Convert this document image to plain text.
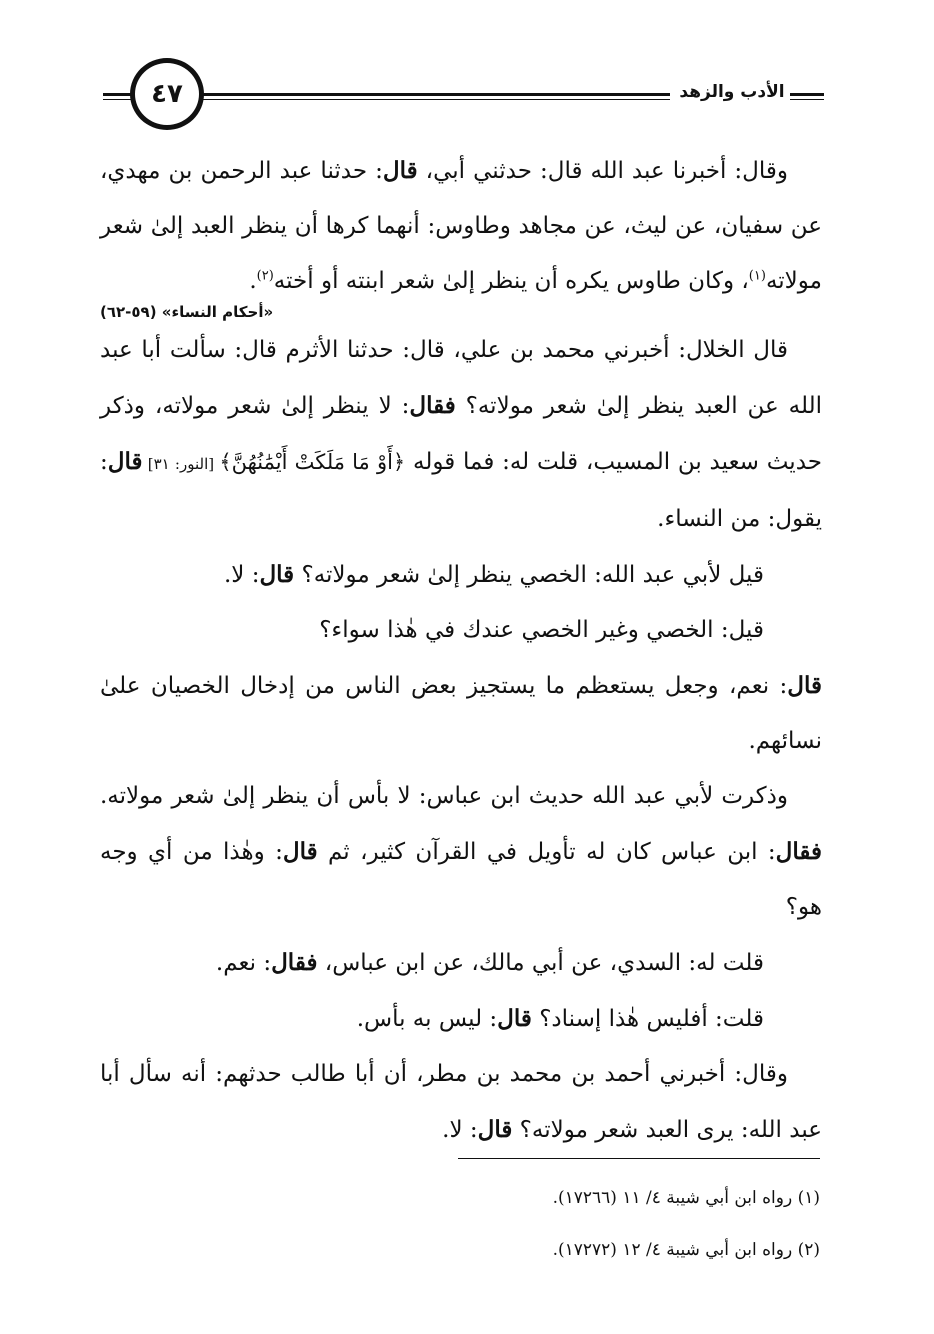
٤٧	الأدب والزهد

وقال: أخبرنا عبد الله قال: حدثني أبي، قال: حدثنا عبد الرحمن بن مهدي، عن سفيان، عن ليث، عن مجاهد وطاوس: أنهما كرها أن ينظر العبد إلىٰ شعر مولاته$^{(١)}$، وكان طاوس يكره أن ينظر إلىٰ شعر ابنته أو أخته$^{(٢)}$.

«أحكام النساء» (٥٩-٦٢)

قال الخلال: أخبرني محمد بن علي، قال: حدثنا الأثرم قال: سألت أبا عبد الله عن العبد ينظر إلىٰ شعر مولاته؟ فقال: لا ينظر إلىٰ شعر مولاته، وذكر حديث سعيد بن المسيب، قلت له: فما قوله ﴿أَوْ مَا مَلَكَتْ أَيْمَٰنُهُنَّ﴾ [النور: ٣١] قال: يقول: من النساء.

قيل لأبي عبد الله: الخصي ينظر إلىٰ شعر مولاته؟ قال: لا.

قيل: الخصي وغير الخصي عندك في هٰذا سواء؟

قال: نعم، وجعل يستعظم ما يستجيز بعض الناس من إدخال الخصيان علىٰ نسائهم.

وذكرت لأبي عبد الله حديث ابن عباس: لا بأس أن ينظر إلىٰ شعر مولاته. فقال: ابن عباس كان له تأويل في القرآن كثير، ثم قال: وهٰذا من أي وجه هو؟

قلت له: السدي، عن أبي مالك، عن ابن عباس، فقال: نعم.

قلت: أفليس هٰذا إسناد؟ قال: ليس به بأس.

وقال: أخبرني أحمد بن محمد بن مطر، أن أبا طالب حدثهم: أنه سأل أبا عبد الله: يرى العبد شعر مولاته؟ قال: لا.

(١) رواه ابن أبي شيبة ٤/ ١١ (١٧٢٦٦).

(٢) رواه ابن أبي شيبة ٤/ ١٢ (١٧٢٧٢).
